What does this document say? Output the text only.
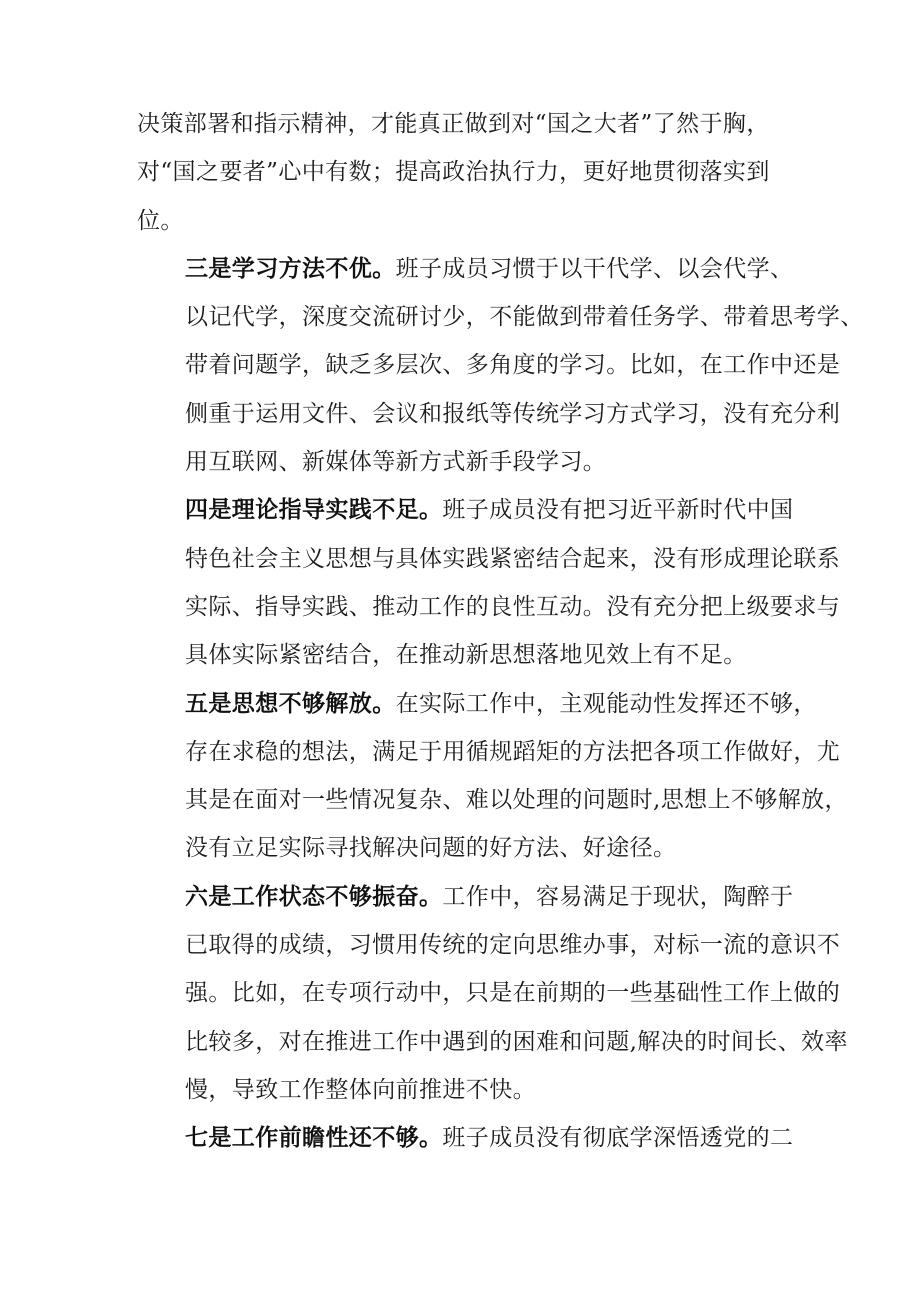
决策部署和指示精神，才能真正做到对“国之大者”了然于胸，
对“国之要者”心中有数；提高政治执行力，更好地贯彻落实到
位。

三是学习方法不优。班子成员习惯于以干代学、以会代学、
以记代学，深度交流研讨少，不能做到带着任务学、带着思考学、
带着问题学，缺乏多层次、多角度的学习。比如，在工作中还是
侧重于运用文件、会议和报纸等传统学习方式学习，没有充分利
用互联网、新媒体等新方式新手段学习。

四是理论指导实践不足。班子成员没有把习近平新时代中国
特色社会主义思想与具体实践紧密结合起来，没有形成理论联系
实际、指导实践、推动工作的良性互动。没有充分把上级要求与
具体实际紧密结合，在推动新思想落地见效上有不足。

五是思想不够解放。在实际工作中，主观能动性发挥还不够，
存在求稳的想法，满足于用循规蹈矩的方法把各项工作做好，尤
其是在面对一些情况复杂、难以处理的问题时,思想上不够解放，
没有立足实际寻找解决问题的好方法、好途径。

六是工作状态不够振奋。工作中，容易满足于现状，陶醉于
已取得的成绩，习惯用传统的定向思维办事，对标一流的意识不
强。比如，在专项行动中，只是在前期的一些基础性工作上做的
比较多，对在推进工作中遇到的困难和问题,解决的时间长、效率
慢，导致工作整体向前推进不快。

七是工作前瞻性还不够。班子成员没有彻底学深悟透党的二
